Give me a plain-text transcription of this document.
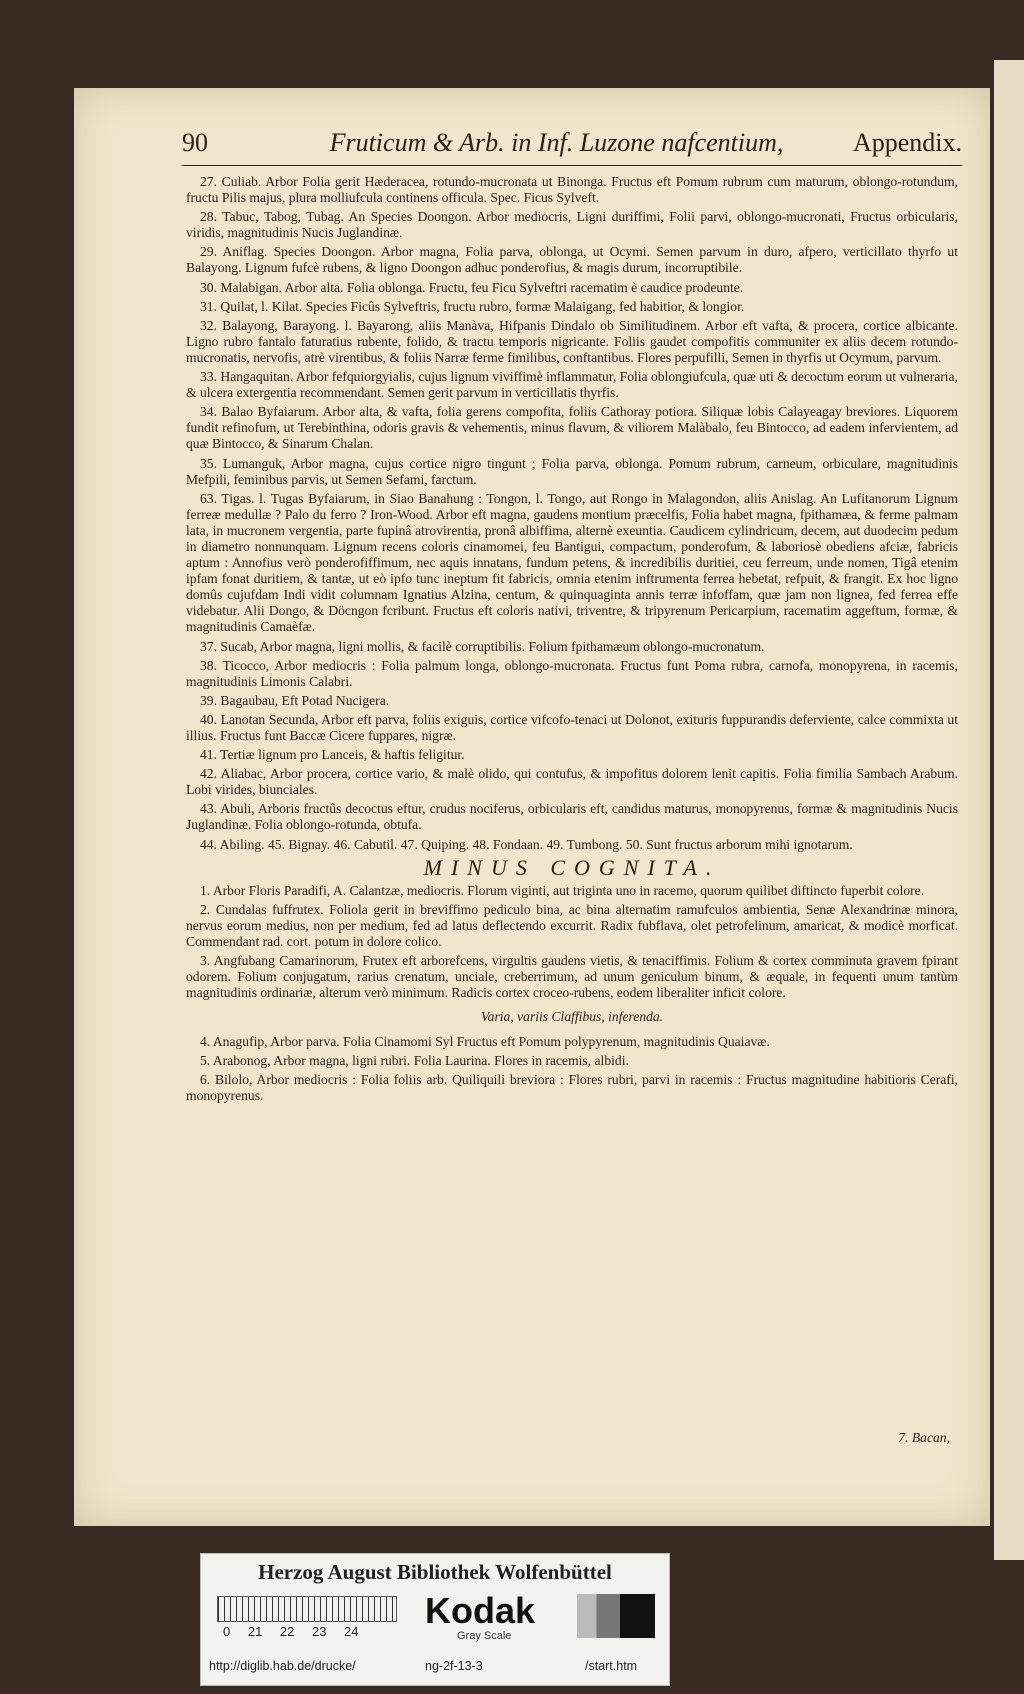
90	Fruticum & Arb. in Inf. Luzone nafcentium,	Appendix.

27. Culiab. Arbor Folia gerit Hæderacea, rotundo-mucronata ut Binonga. Fructus eft Pomum rubrum cum maturum, oblongo-rotundum, fructu Pilis majus, plura molliufcula continens officula. Spec. Ficus Sylveft.

28. Tabuc, Tabog, Tubag. An Species Doongon. Arbor mediocris, Ligni duriffimi, Folii parvi, oblongo-mucronati, Fructus orbicularis, viridis, magnitudinis Nucis Juglandinæ.

29. Aniflag. Species Doongon. Arbor magna, Folia parva, oblonga, ut Ocymi. Semen parvum in duro, afpero, verticillato thyrfo ut Balayong. Lignum fufcè rubens, & ligno Doongon adhuc ponderofius, & magis durum, incorruptibile.

30. Malabigan. Arbor alta. Folia oblonga. Fructu, feu Ficu Sylveftri racematim è caudice prodeunte.

31. Quilat, l. Kilat. Species Ficûs Sylveftris, fructu rubro, formæ Malaigang, fed habitior, & longior.

32. Balayong, Barayong. l. Bayarong, aliis Manàva, Hifpanis Dindalo ob Similitudinem. Arbor eft vafta, & procera, cortice albicante. Ligno rubro fantalo faturatius rubente, folido, & tractu temporis nigricante. Foliis gaudet compofitis communiter ex aliis decem rotundo-mucronatis, nervofis, atrè virentibus, & foliis Narræ ferme fimilibus, conftantibus. Flores perpufilli, Semen in thyrfis ut Ocymum, parvum.

33. Hangaquitan. Arbor fefquiorgyialis, cujus lignum viviffimè inflammatur, Folia oblongiufcula, quæ uti & decoctum eorum ut vulneraria, & ulcera extergentia recommendant. Semen gerit parvum in verticillatis thyrfis.

34. Balao Byfaiarum. Arbor alta, & vafta, folia gerens compofita, foliis Cathoray potiora. Siliquæ lobis Calayeagay breviores. Liquorem fundit refinofum, ut Terebinthina, odoris gravis & vehementis, minus flavum, & viliorem Malàbalo, feu Bintocco, ad eadem infervientem, ad quæ Bintocco, & Sinarum Chalan.

35. Lumanguk, Arbor magna, cujus cortice nigro tingunt ; Folia parva, oblonga. Pomum rubrum, carneum, orbiculare, magnitudinis Mefpili, feminibus parvis, ut Semen Sefami, farctum.

63. Tigas. l. Tugas Byfaiarum, in Siao Banahung : Tongon, l. Tongo, aut Rongo in Malagondon, aliis Anislag. An Lufitanorum Lignum ferreæ medullæ ? Palo du ferro ? Iron-Wood. Arbor eft magna, gaudens montium præcelfis, Folia habet magna, fpithamæa, & ferme palmam lata, in mucronem vergentia, parte fupinâ atrovirentia, pronâ albiffima, alternè exeuntia. Caudicem cylindricum, decem, aut duodecim pedum in diametro nonnunquam. Lignum recens coloris cinamomei, feu Bantigui, compactum, ponderofum, & laboriosè obediens afciæ, fabricis aptum : Annofius verò ponderofiffimum, nec aquis innatans, fundum petens, & incredibilis duritiei, ceu ferreum, unde nomen, Tigâ etenim ipfam fonat duritiem, & tantæ, ut eò ipfo tunc ineptum fit fabricis, omnia etenim inftrumenta ferrea hebetat, refpuit, & frangit. Ex hoc ligno domûs cujufdam Indi vidit columnam Ignatius Alzina, centum, & quinquaginta annis terræ infoffam, quæ jam non lignea, fed ferrea effe videbatur. Alii Dongo, & Döcngon fcribunt. Fructus eft coloris nativi, triventre, & tripyrenum Pericarpium, racematim aggeftum, formæ, & magnitudinis Camaèfæ.

37. Sucab, Arbor magna, ligni mollis, & facilè corruptibilis. Folium fpithamæum oblongo-mucronatum.

38. Ticocco, Arbor mediocris : Folia palmum longa, oblongo-mucronata. Fructus funt Poma rubra, carnofa, monopyrena, in racemis, magnitudinis Limonis Calabri.

39. Bagaubau, Eft Potad Nucigera.

40. Lanotan Secunda, Arbor eft parva, foliis exiguis, cortice vifcofo-tenaci ut Dolonot, exituris fuppurandis deferviente, calce commixta ut illius. Fructus funt Baccæ Cicere fuppares, nigræ.

41. Tertiæ lignum pro Lanceis, & haftis feligitur.

42. Aliabac, Arbor procera, cortice vario, & malè olido, qui contufus, & impofitus dolorem lenit capitis. Folia fimilia Sambach Arabum. Lobi virides, biunciales.

43. Abuli, Arboris fructûs decoctus eftur, crudus nociferus, orbicularis eft, candidus maturus, monopyrenus, formæ & magnitudinis Nucis Juglandinæ. Folia oblongo-rotunda, obtufa.

44. Abiling. 45. Bignay. 46. Cabutil. 47. Quiping. 48. Fondaan. 49. Tumbong. 50. Sunt fructus arborum mihi ignotarum.

MINUS COGNITA.

1. Arbor Floris Paradifi, A. Calantzæ, mediocris. Florum viginti, aut triginta uno in racemo, quorum quilibet diftincto fuperbit colore.

2. Cundalas fuffrutex. Foliola gerit in breviffimo pediculo bina, ac bina alternatim ramufculos ambientia, Senæ Alexandrinæ minora, nervus eorum medius, non per medium, fed ad latus deflectendo excurrit. Radix fubflava, olet petrofelinum, amaricat, & modicè morficat. Commendant rad. cort. potum in dolore colico.

3. Angfubang Camarinorum, Frutex eft arborefcens, virgultis gaudens vietis, & tenaciffimis. Folium & cortex comminuta gravem fpirant odorem. Folium conjugatum, rarius crenatum, unciale, creberrimum, ad unum geniculum binum, & æquale, in fequenti unum tantùm magnitudinis ordinariæ, alterum verò minimum. Radicis cortex croceo-rubens, eodem liberaliter inficit colore.

Varia, variis Claffibus, inferenda.

4. Anagufip, Arbor parva. Folia Cinamomi Syl Fructus eft Pomum polypyrenum, magnitudinis Quaiavæ.

5. Arabonog, Arbor magna, ligni rubri. Folia Laurina. Flores in racemis, albidi.

6. Bilolo, Arbor mediocris : Folia foliis arb. Quiliquili breviora : Flores rubri, parvi in racemis : Fructus magnitudine habitioris Cerafi, monopyrenus.

7. Bacan,
Herzog August Bibliothek Wolfenbüttel
0 21 22 23 24
Kodak
Gray Scale
http://diglib.hab.de/drucke/	ng-2f-13-3	/start.htm
